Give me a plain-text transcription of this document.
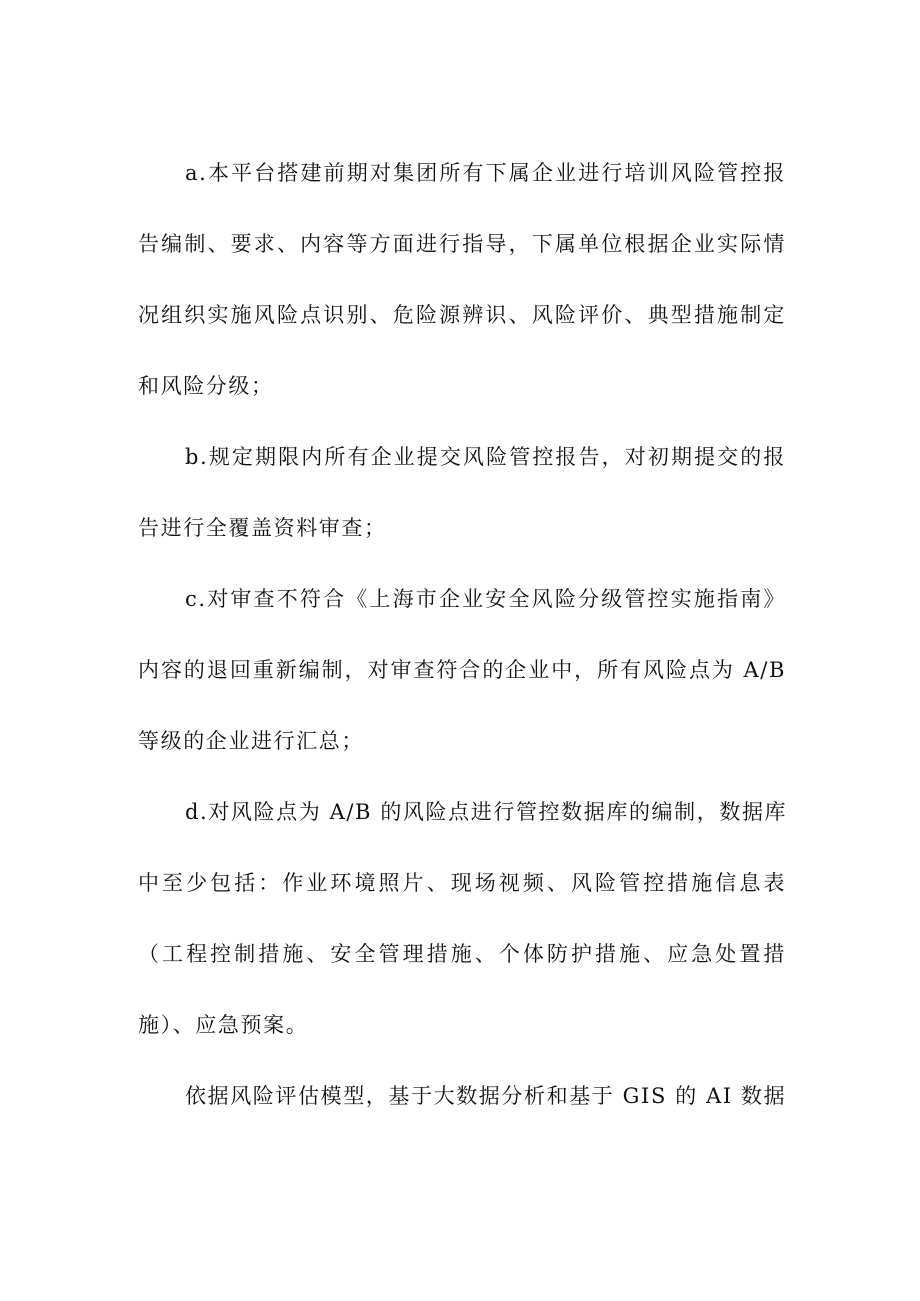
a.本平台搭建前期对集团所有下属企业进行培训风险管控报
告编制、要求、内容等方面进行指导，下属单位根据企业实际情
况组织实施风险点识别、危险源辨识、风险评价、典型措施制定
和风险分级；

b.规定期限内所有企业提交风险管控报告，对初期提交的报
告进行全覆盖资料审查；

c.对审查不符合《上海市企业安全风险分级管控实施指南》
内容的退回重新编制，对审查符合的企业中，所有风险点为 A/B
等级的企业进行汇总；

d.对风险点为 A/B 的风险点进行管控数据库的编制，数据库
中至少包括：作业环境照片、现场视频、风险管控措施信息表
（工程控制措施、安全管理措施、个体防护措施、应急处置措
施）、应急预案。

依据风险评估模型，基于大数据分析和基于 GIS 的 AI 数据
